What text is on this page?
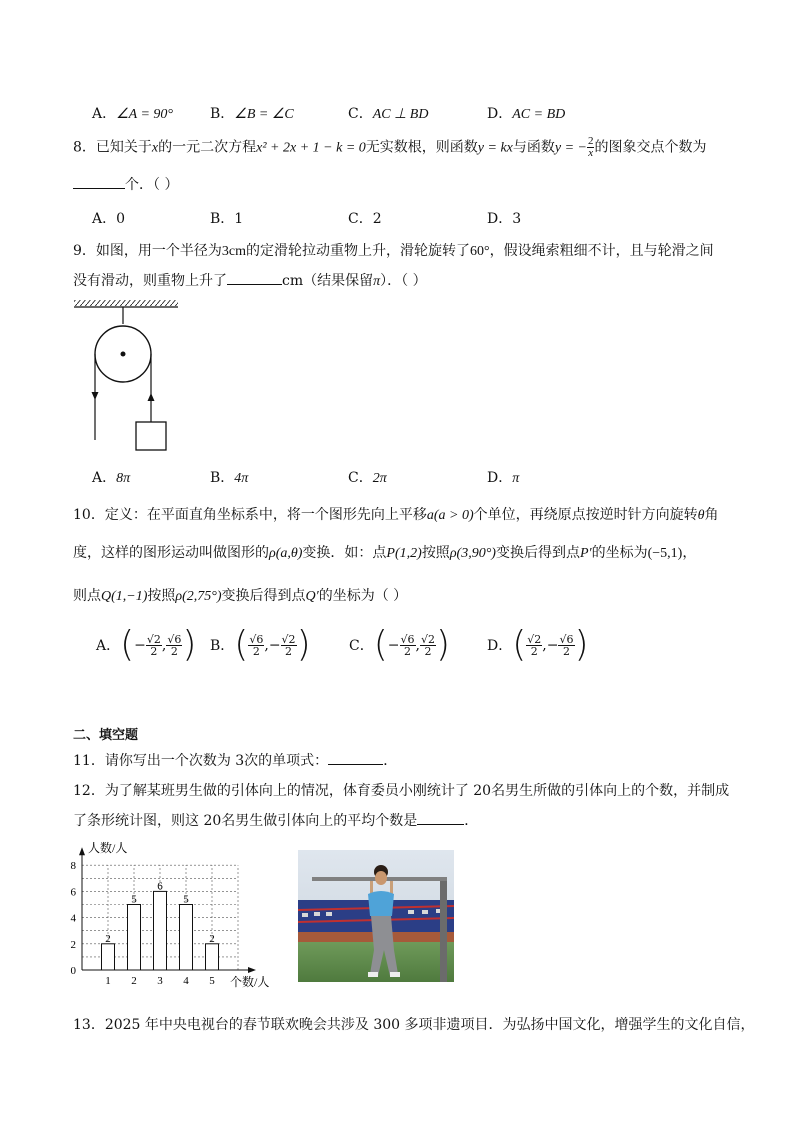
A．∠A = 90°	B．∠B = ∠C	C．AC ⊥ BD	D．AC = BD
8．已知关于x的一元二次方程x² + 2x + 1 − k = 0无实数根，则函数y = kx与函数y = − $\frac{2}{x}$ 的图象交点个数为
个．（ ）
A．0	B．1	C．2	D．3
9．如图，用一个半径为3cm的定滑轮拉动重物上升，滑轮旋转了60°，假设绳索粗细不计，且与轮滑之间
没有滑动，则重物上升了	cm（结果保留π）．（ ）
A．8π	B．4π	C．2π	D．π
10．定义：在平面直角坐标系中，将一个图形先向上平移a(a > 0)个单位，再绕原点按逆时针方向旋转θ角
度，这样的图形运动叫做图形的ρ(a,θ)变换．如：点P(1,2)按照ρ(3,90°)变换后得到点P′的坐标为(−5,1)，
则点Q(1,−1)按照ρ(2,75°)变换后得到点Q′的坐标为（ ）
A．(− $\frac{√2}{2}$ , $\frac{√6}{2}$ ) B．( $\frac{√6}{2}$ ,− $\frac{√2}{2}$ )	C．(− $\frac{√6}{2}$ , $\frac{√2}{2}$ )	D．( $\frac{√2}{2}$ ,− $\frac{√6}{2}$ )
二、填空题
11．请你写出一个次数为 3次的单项式：	．
12．为了解某班男生做的引体向上的情况，体育委员小刚统计了 20名男生所做的引体向上的个数，并制成
了条形统计图，则这 20名男生做引体向上的平均个数是	．
0
2
4
6
8
2
1
5
2
6
3
5
4
2
5
人数/人
个数/人
13．2025 年中央电视台的春节联欢晚会共涉及 300 多项非遗项目．为弘扬中国文化，增强学生的文化自信，
